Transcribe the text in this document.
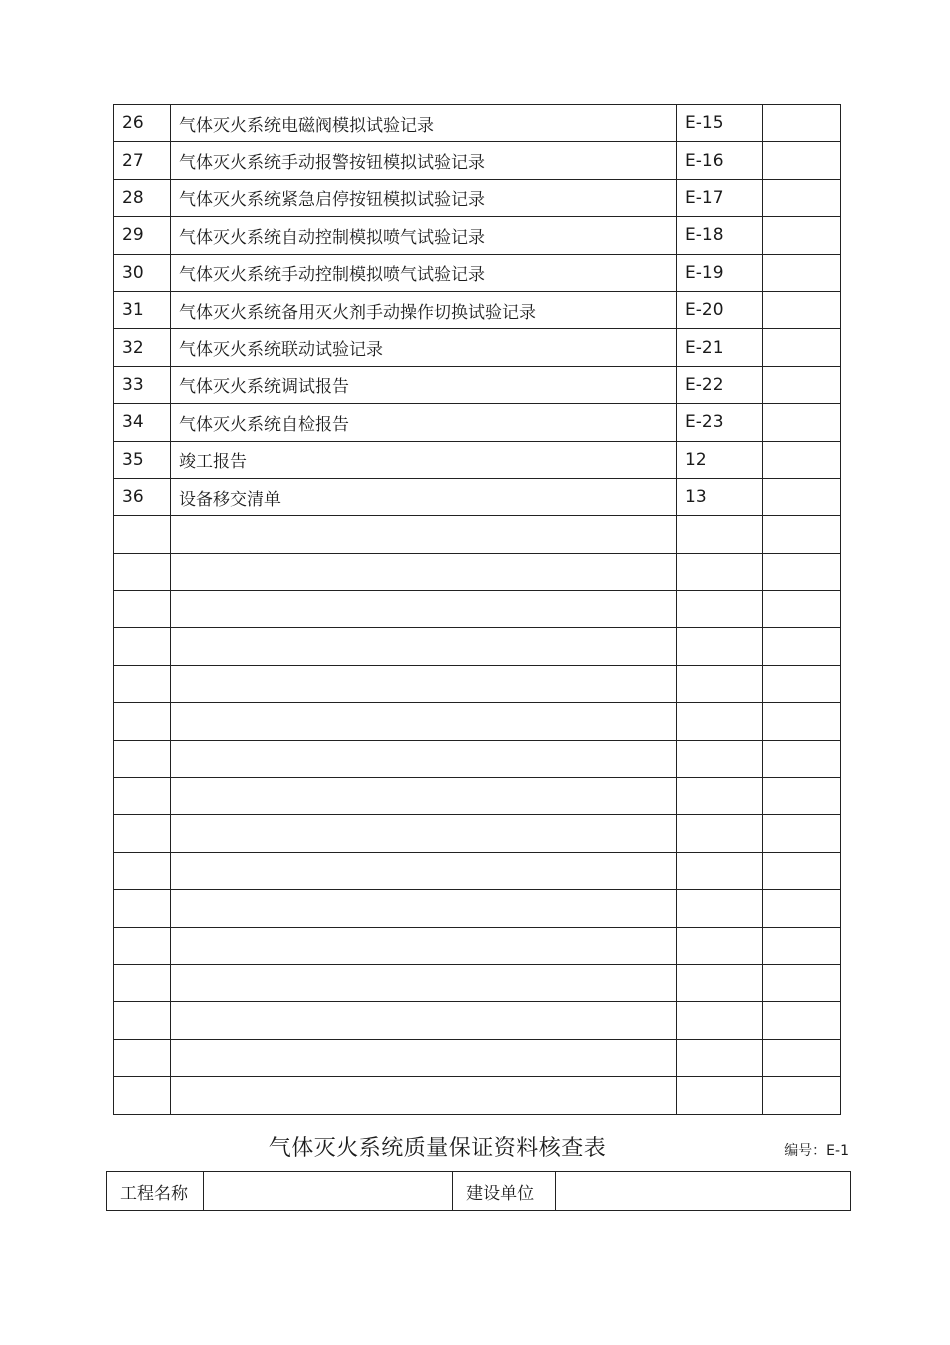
26	气体灭火系统电磁阀模拟试验记录	E-15	
27	气体灭火系统手动报警按钮模拟试验记录	E-16	
28	气体灭火系统紧急启停按钮模拟试验记录	E-17	
29	气体灭火系统自动控制模拟喷气试验记录	E-18	
30	气体灭火系统手动控制模拟喷气试验记录	E-19	
31	气体灭火系统备用灭火剂手动操作切换试验记录	E-20	
32	气体灭火系统联动试验记录	E-21	
33	气体灭火系统调试报告	E-22	
34	气体灭火系统自检报告	E-23	
35	竣工报告	12	
36	设备移交清单	13	

气体灭火系统质量保证资料核查表	编号：E-1
工程名称		建设单位	
